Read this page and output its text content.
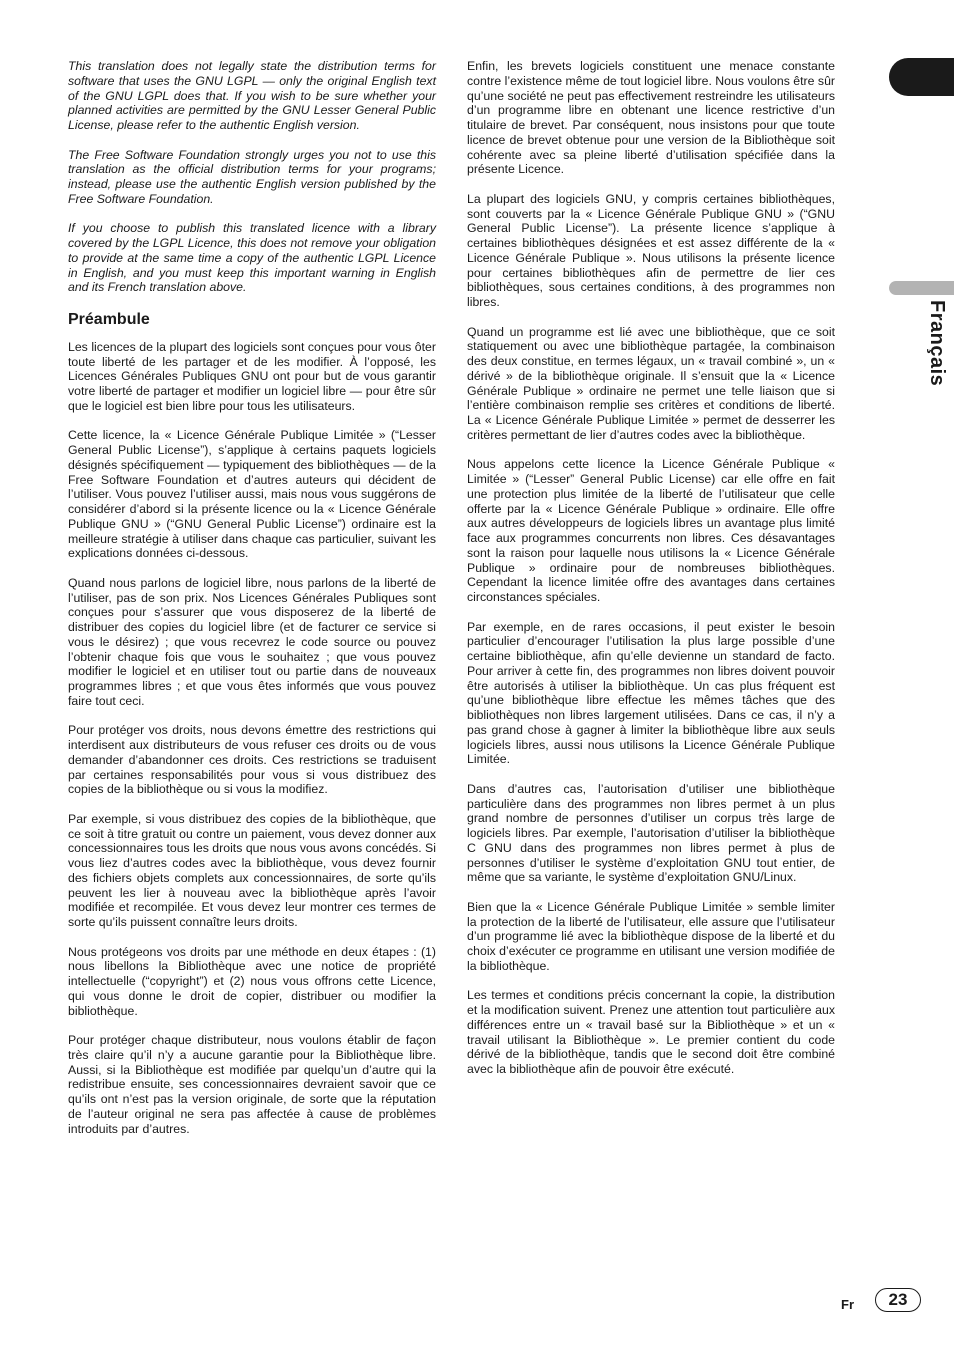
Français

This translation does not legally state the distribution terms for software that uses the GNU LGPL — only the original English text of the GNU LGPL does that. If you wish to be sure whether your planned activities are permitted by the GNU Lesser General Public License, please refer to the authentic English version.

The Free Software Foundation strongly urges you not to use this translation as the official distribution terms for your programs; instead, please use the authentic English version published by the Free Software Foundation.

If you choose to publish this translated licence with a library covered by the LGPL Licence, this does not remove your obligation to provide at the same time a copy of the authentic LGPL Licence in English, and you must keep this important warning in English and its French translation above.

Préambule

Les licences de la plupart des logiciels sont conçues pour vous ôter toute liberté de les partager et de les modifier. À l’opposé, les Licences Générales Publiques GNU ont pour but de vous garantir votre liberté de partager et modifier un logiciel libre — pour être sûr que le logiciel est bien libre pour tous les utilisateurs.

Cette licence, la « Licence Générale Publique Limitée » (“Lesser General Public License”), s’applique à certains paquets logiciels désignés spécifiquement — typiquement des bibliothèques — de la Free Software Foundation et d’autres auteurs qui décident de l’utiliser. Vous pouvez l’utiliser aussi, mais nous vous suggérons de considérer d’abord si la présente licence ou la « Licence Générale Publique GNU » (“GNU General Public License”) ordinaire est la meilleure stratégie à utiliser dans chaque cas particulier, suivant les explications données ci-dessous.

Quand nous parlons de logiciel libre, nous parlons de la liberté de l’utiliser, pas de son prix. Nos Licences Générales Publiques sont conçues pour s’assurer que vous disposerez de la liberté de distribuer des copies du logiciel libre (et de facturer ce service si vous le désirez) ; que vous recevrez le code source ou pouvez l’obtenir chaque fois que vous le souhaitez ; que vous pouvez modifier le logiciel et en utiliser tout ou partie dans de nouveaux programmes libres ; et que vous êtes informés que vous pouvez faire tout ceci.

Pour protéger vos droits, nous devons émettre des restrictions qui interdisent aux distributeurs de vous refuser ces droits ou de vous demander d’abandonner ces droits. Ces restrictions se traduisent par certaines responsabilités pour vous si vous distribuez des copies de la bibliothèque ou si vous la modifiez.

Par exemple, si vous distribuez des copies de la bibliothèque, que ce soit à titre gratuit ou contre un paiement, vous devez donner aux concessionnaires tous les droits que nous vous avons concédés. Si vous liez d’autres codes avec la bibliothèque, vous devez fournir des fichiers objets complets aux concessionnaires, de sorte qu’ils peuvent les lier à nouveau avec la bibliothèque après l’avoir modifiée et recompilée. Et vous devez leur montrer ces termes de sorte qu’ils puissent connaître leurs droits.

Nous protégeons vos droits par une méthode en deux étapes : (1) nous libellons la Bibliothèque avec une notice de propriété intellectuelle (“copyright”) et (2) nous vous offrons cette Licence, qui vous donne le droit de copier, distribuer ou modifier la bibliothèque.

Pour protéger chaque distributeur, nous voulons établir de façon très claire qu’il n’y a aucune garantie pour la Bibliothèque libre. Aussi, si la Bibliothèque est modifiée par quelqu’un d’autre qui la redistribue ensuite, ses concessionnaires devraient savoir que ce qu’ils ont n’est pas la version originale, de sorte que la réputation de l’auteur original ne sera pas affectée à cause de problèmes introduits par d’autres.

Enfin, les brevets logiciels constituent une menace constante contre l’existence même de tout logiciel libre. Nous voulons être sûr qu’une société ne peut pas effectivement restreindre les utilisateurs d’un programme libre en obtenant une licence restrictive d’un titulaire de brevet. Par conséquent, nous insistons pour que toute licence de brevet obtenue pour une version de la Bibliothèque soit cohérente avec sa pleine liberté d’utilisation spécifiée dans la présente Licence.

La plupart des logiciels GNU, y compris certaines bibliothèques, sont couverts par la « Licence Générale Publique GNU » (“GNU General Public License”). La présente licence s’applique à certaines bibliothèques désignées et est assez différente de la « Licence Générale Publique ». Nous utilisons la présente licence pour certaines bibliothèques afin de permettre de lier ces bibliothèques, sous certaines conditions, à des programmes non libres.

Quand un programme est lié avec une bibliothèque, que ce soit statiquement ou avec une bibliothèque partagée, la combinaison des deux constitue, en termes légaux, un « travail combiné », un « dérivé » de la bibliothèque originale. Il s’ensuit que la « Licence Générale Publique » ordinaire ne permet une telle liaison que si l’entière combinaison remplie ses critères et conditions de liberté. La « Licence Générale Publique Limitée » permet de desserrer les critères permettant de lier d’autres codes avec la bibliothèque.

Nous appelons cette licence la Licence Générale Publique « Limitée » (“Lesser” General Public License) car elle offre en fait une protection plus limitée de la liberté de l’utilisateur que celle offerte par la « Licence Générale Publique » ordinaire. Elle offre aux autres développeurs de logiciels libres un avantage plus limité face aux programmes concurrents non libres. Ces désavantages sont la raison pour laquelle nous utilisons la « Licence Générale Publique » ordinaire pour de nombreuses bibliothèques. Cependant la licence limitée offre des avantages dans certaines circonstances spéciales.

Par exemple, en de rares occasions, il peut exister le besoin particulier d’encourager l’utilisation la plus large possible d’une certaine bibliothèque, afin qu’elle devienne un standard de facto. Pour arriver à cette fin, des programmes non libres doivent pouvoir être autorisés à utiliser la bibliothèque. Un cas plus fréquent est qu’une bibliothèque libre effectue les mêmes tâches que des bibliothèques non libres largement utilisées. Dans ce cas, il n’y a pas grand chose à gagner à limiter la bibliothèque libre aux seuls logiciels libres, aussi nous utilisons la Licence Générale Publique Limitée.

Dans d’autres cas, l’autorisation d’utiliser une bibliothèque particulière dans des programmes non libres permet à un plus grand nombre de personnes d’utiliser un corpus très large de logiciels libres. Par exemple, l’autorisation d’utiliser la bibliothèque C GNU dans des programmes non libres permet à plus de personnes d’utiliser le système d’exploitation GNU tout entier, de même que sa variante, le système d’exploitation GNU/Linux.

Bien que la « Licence Générale Publique Limitée » semble limiter la protection de la liberté de l’utilisateur, elle assure que l’utilisateur d’un programme lié avec la bibliothèque dispose de la liberté et du choix d’exécuter ce programme en utilisant une version modifiée de la bibliothèque.

Les termes et conditions précis concernant la copie, la distribution et la modification suivent. Prenez une attention tout particulière aux différences entre un « travail basé sur la Bibliothèque » et un « travail utilisant la Bibliothèque ». Le premier contient du code dérivé de la bibliothèque, tandis que le second doit être combiné avec la bibliothèque afin de pouvoir être exécuté.

Fr	23
